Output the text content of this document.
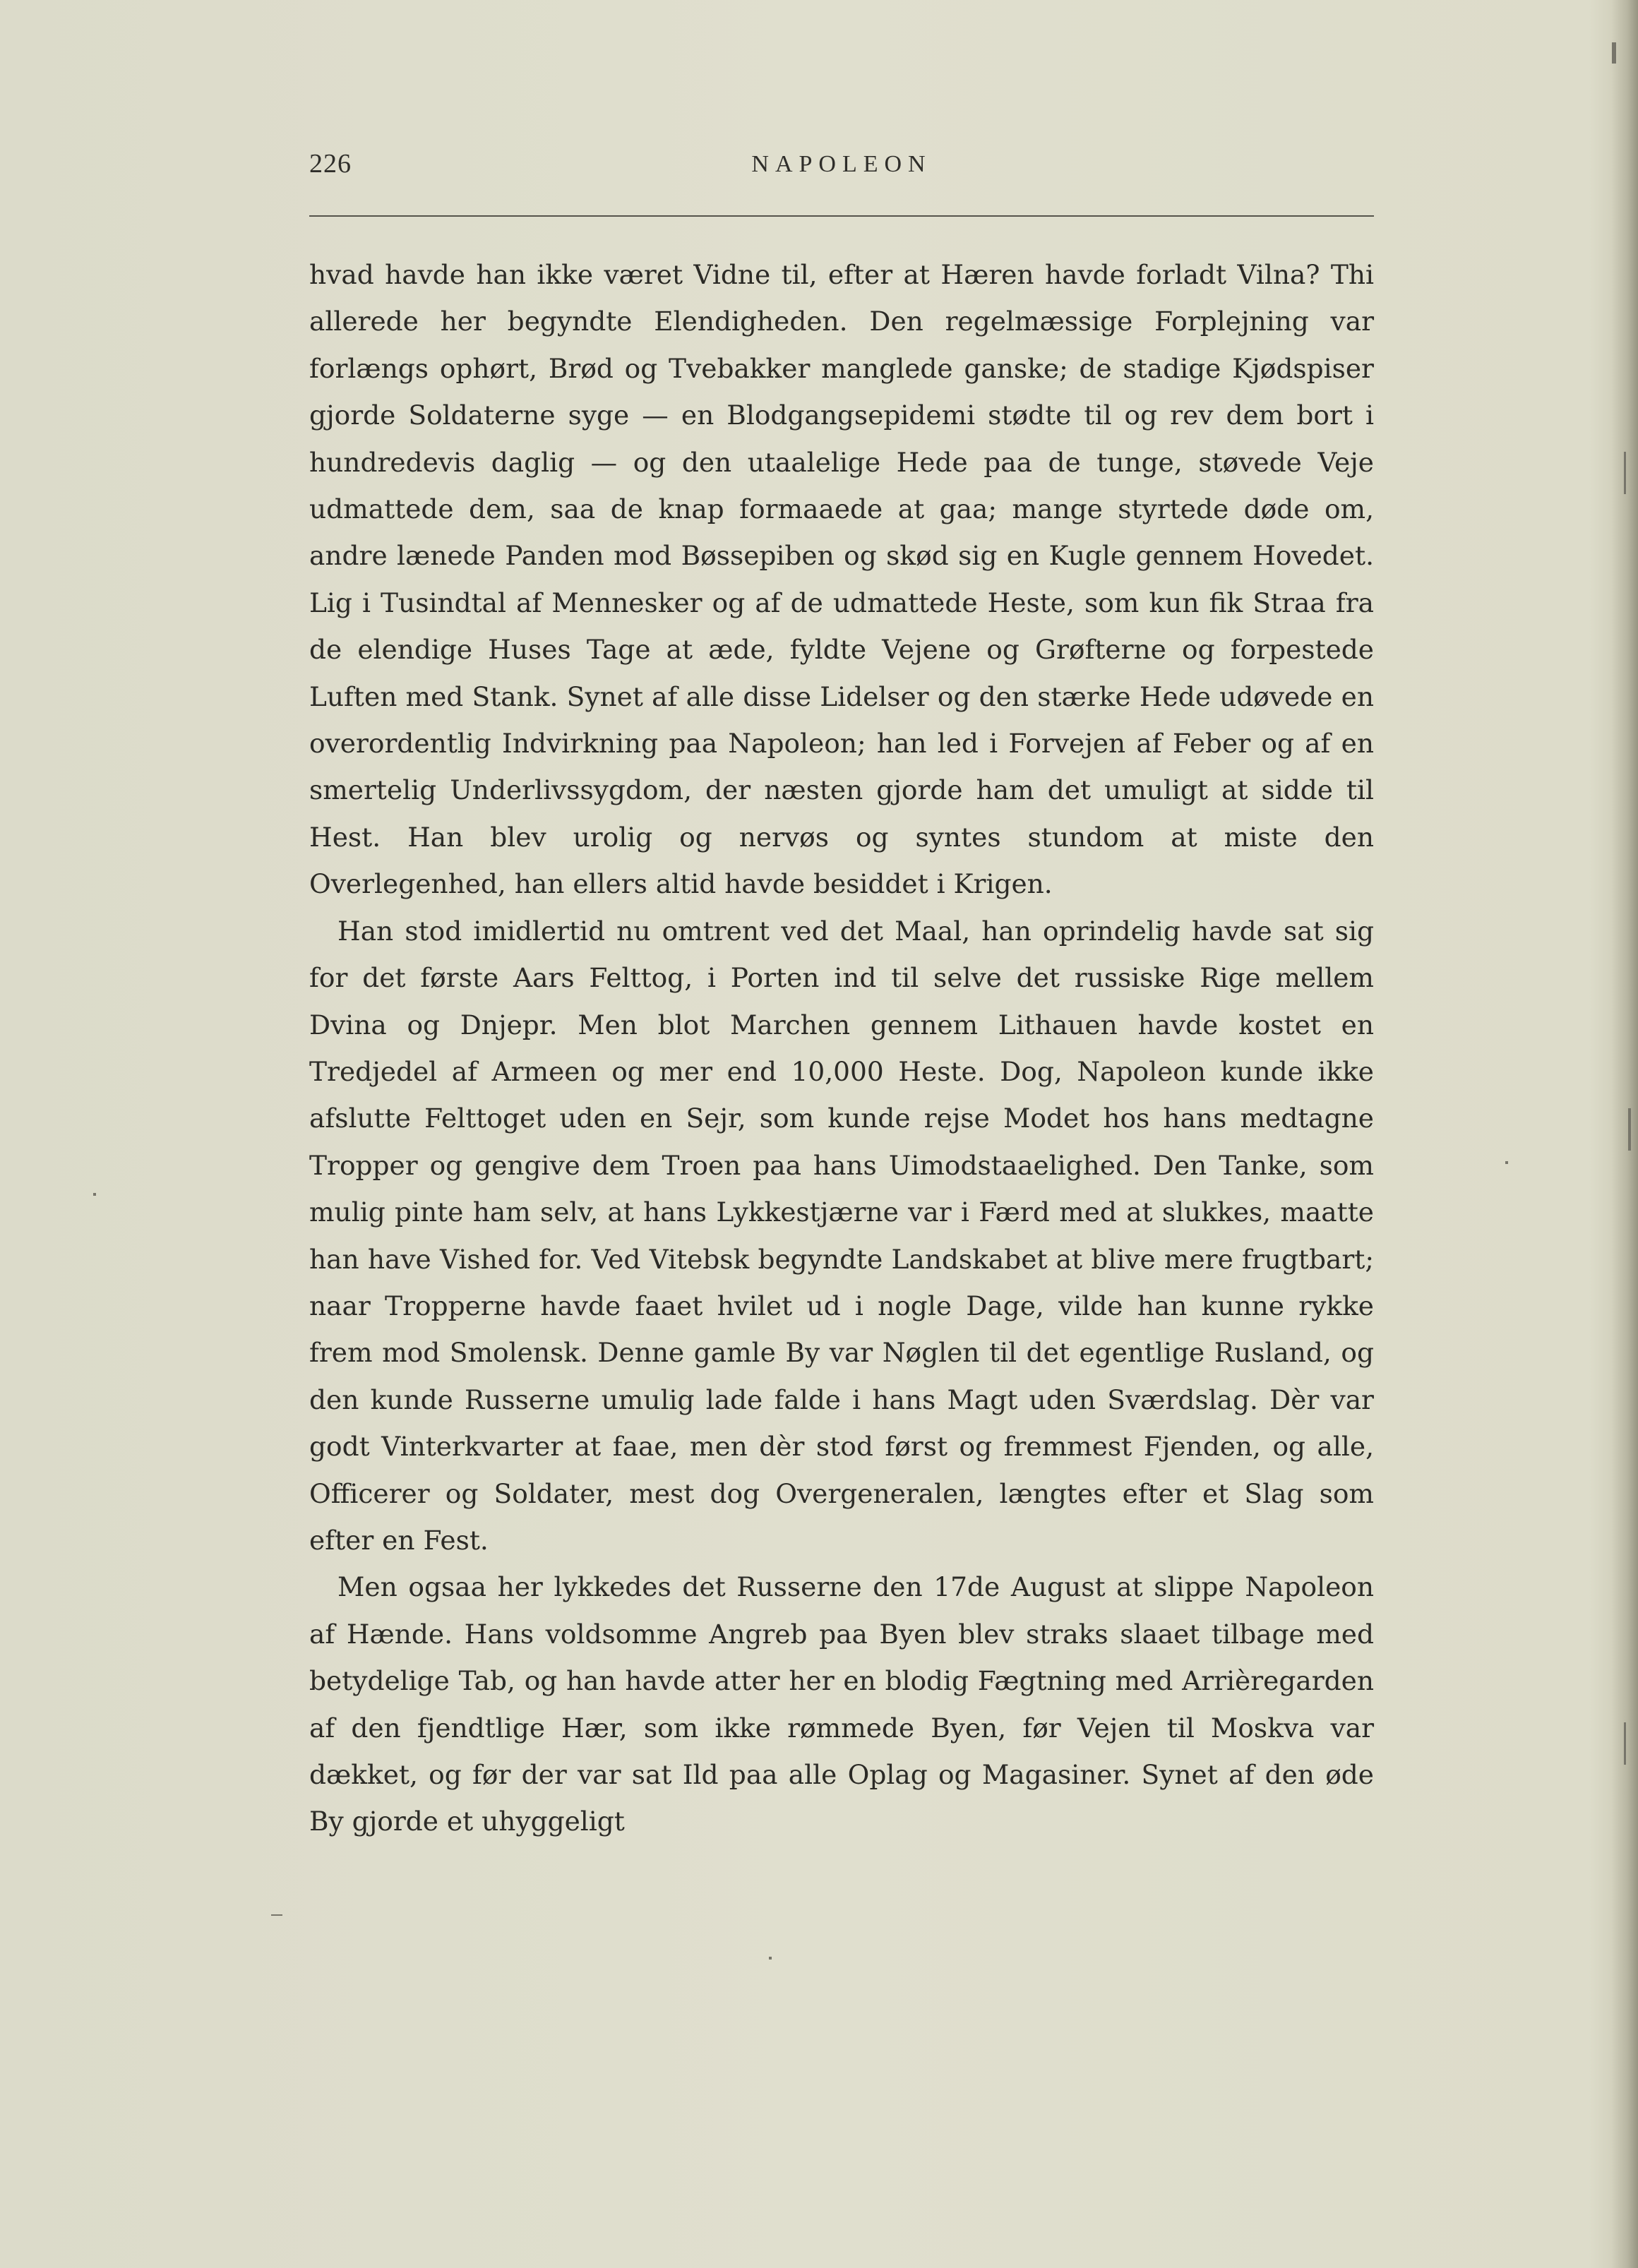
226	NAPOLEON

hvad havde han ikke været Vidne til, efter at Hæren havde forladt Vilna? Thi allerede her begyndte Elendigheden. Den regelmæssige Forplejning var forlængs ophørt, Brød og Tvebakker manglede ganske; de stadige Kjødspiser gjorde Soldaterne syge — en Blodgangsepidemi stødte til og rev dem bort i hundredevis daglig — og den utaalelige Hede paa de tunge, støvede Veje udmattede dem, saa de knap formaaede at gaa; mange styrtede døde om, andre lænede Panden mod Bøssepiben og skød sig en Kugle gennem Hovedet. Lig i Tusindtal af Mennesker og af de udmattede Heste, som kun fik Straa fra de elendige Huses Tage at æde, fyldte Vejene og Grøfterne og forpestede Luften med Stank. Synet af alle disse Lidelser og den stærke Hede udøvede en overordentlig Indvirkning paa Napoleon; han led i Forvejen af Feber og af en smertelig Underlivssygdom, der næsten gjorde ham det umuligt at sidde til Hest. Han blev urolig og nervøs og syntes stundom at miste den Overlegenhed, han ellers altid havde besiddet i Krigen.

Han stod imidlertid nu omtrent ved det Maal, han oprindelig havde sat sig for det første Aars Felttog, i Porten ind til selve det russiske Rige mellem Dvina og Dnjepr. Men blot Marchen gennem Lithauen havde kostet en Tredjedel af Armeen og mer end 10,000 Heste. Dog, Napoleon kunde ikke afslutte Felttoget uden en Sejr, som kunde rejse Modet hos hans medtagne Tropper og gengive dem Troen paa hans Uimodstaaelighed. Den Tanke, som mulig pinte ham selv, at hans Lykkestjærne var i Færd med at slukkes, maatte han have Vished for. Ved Vitebsk begyndte Landskabet at blive mere frugtbart; naar Tropperne havde faaet hvilet ud i nogle Dage, vilde han kunne rykke frem mod Smolensk. Denne gamle By var Nøglen til det egentlige Rusland, og den kunde Russerne umulig lade falde i hans Magt uden Sværdslag. Dèr var godt Vinterkvarter at faae, men dèr stod først og fremmest Fjenden, og alle, Officerer og Soldater, mest dog Overgeneralen, længtes efter et Slag som efter en Fest.

Men ogsaa her lykkedes det Russerne den 17de August at slippe Napoleon af Hænde. Hans voldsomme Angreb paa Byen blev straks slaaet tilbage med betydelige Tab, og han havde atter her en blodig Fægtning med Arrièregarden af den fjendtlige Hær, som ikke rømmede Byen, før Vejen til Moskva var dækket, og før der var sat Ild paa alle Oplag og Magasiner. Synet af den øde By gjorde et uhyggeligt
